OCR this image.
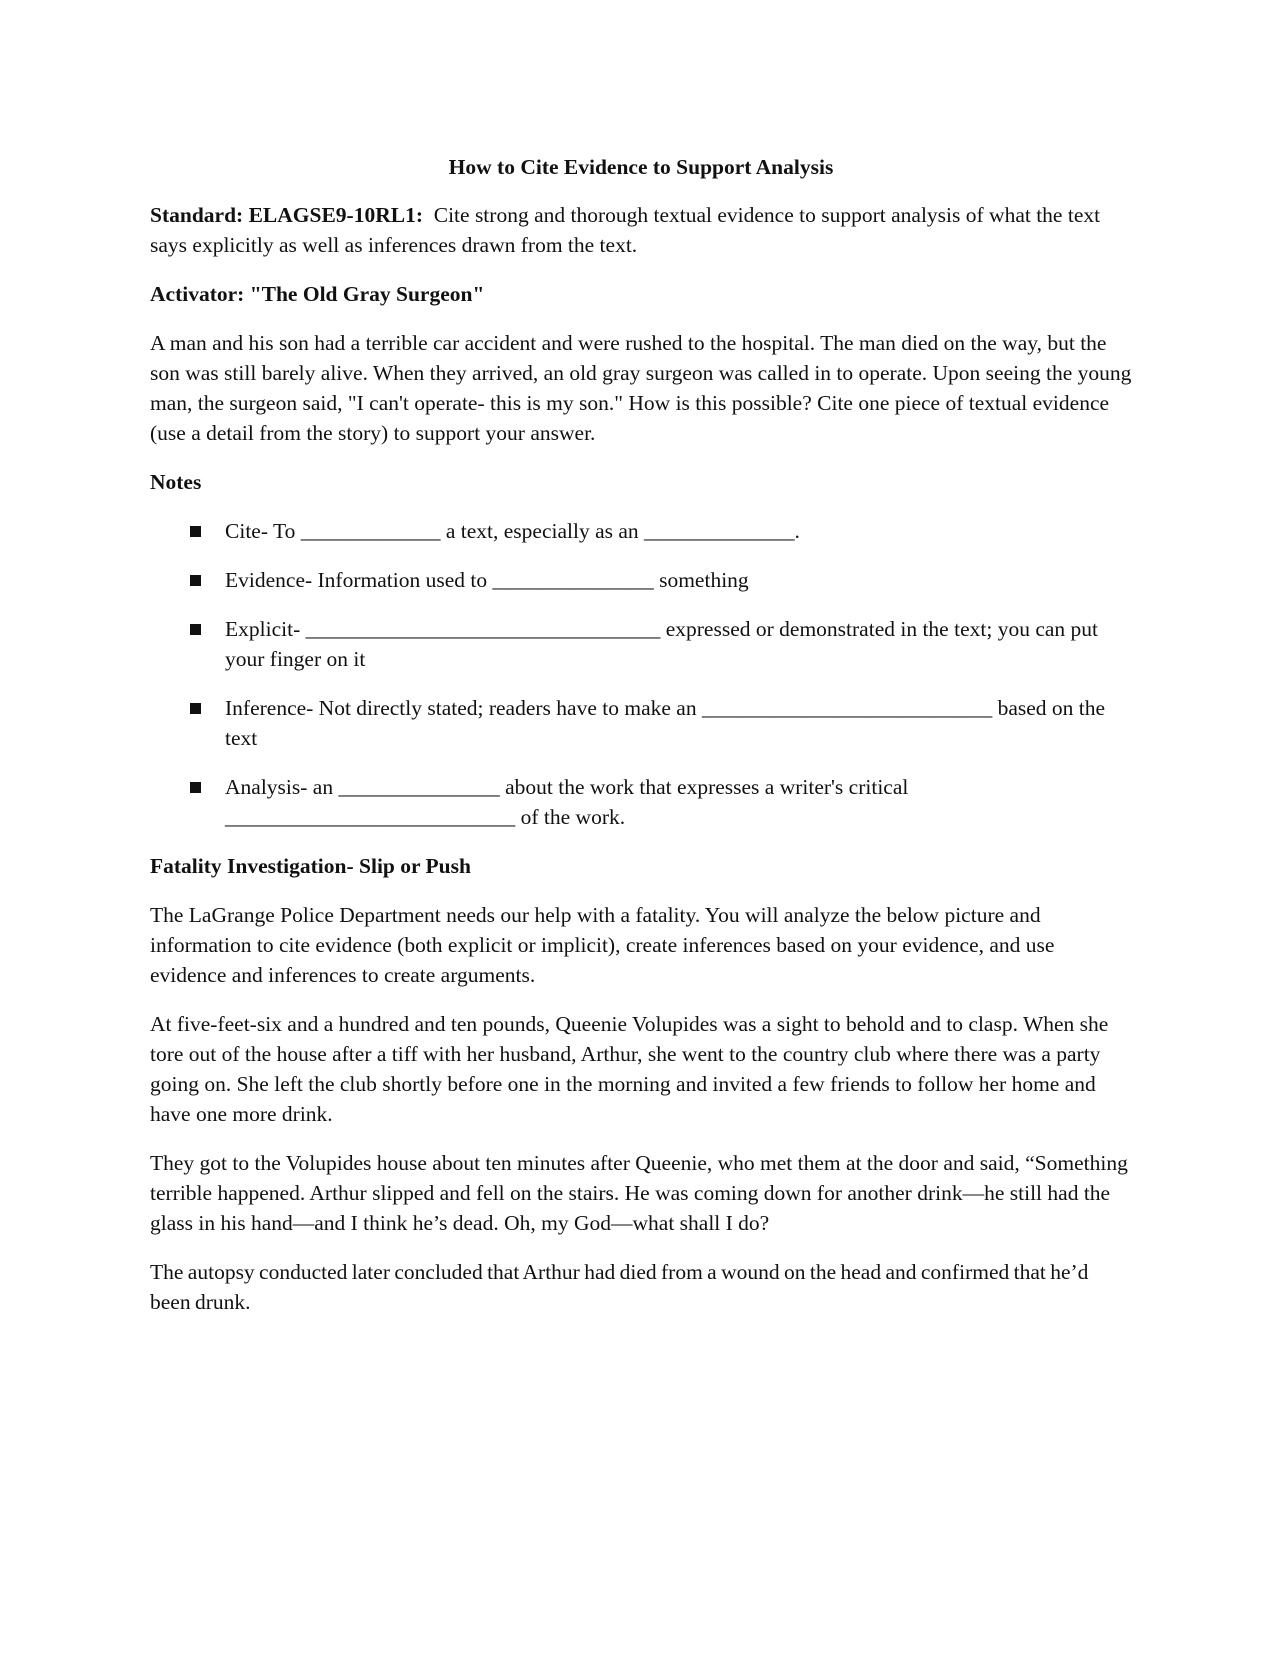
How to Cite Evidence to Support Analysis

Standard: ELAGSE9-10RL1: Cite strong and thorough textual evidence to support analysis of what the text says explicitly as well as inferences drawn from the text.

Activator: "The Old Gray Surgeon"

A man and his son had a terrible car accident and were rushed to the hospital. The man died on the way, but the son was still barely alive. When they arrived, an old gray surgeon was called in to operate. Upon seeing the young man, the surgeon said, "I can't operate- this is my son." How is this possible? Cite one piece of textual evidence (use a detail from the story) to support your answer.

Notes
Cite- To _____________ a text, especially as an ______________.
Evidence- Information used to _______________ something
Explicit- _________________________________ expressed or demonstrated in the text; you can put your finger on it
Inference- Not directly stated; readers have to make an ___________________________ based on the text
Analysis- an _______________ about the work that expresses a writer's critical ___________________________ of the work.
Fatality Investigation- Slip or Push

The LaGrange Police Department needs our help with a fatality. You will analyze the below picture and information to cite evidence (both explicit or implicit), create inferences based on your evidence, and use evidence and inferences to create arguments.

At five-feet-six and a hundred and ten pounds, Queenie Volupides was a sight to behold and to clasp. When she tore out of the house after a tiff with her husband, Arthur, she went to the country club where there was a party going on. She left the club shortly before one in the morning and invited a few friends to follow her home and have one more drink.

They got to the Volupides house about ten minutes after Queenie, who met them at the door and said, “Something terrible happened. Arthur slipped and fell on the stairs. He was coming down for another drink—he still had the glass in his hand—and I think he’s dead. Oh, my God—what shall I do?

The autopsy conducted later concluded that Arthur had died from a wound on the head and confirmed that he’d been drunk.
